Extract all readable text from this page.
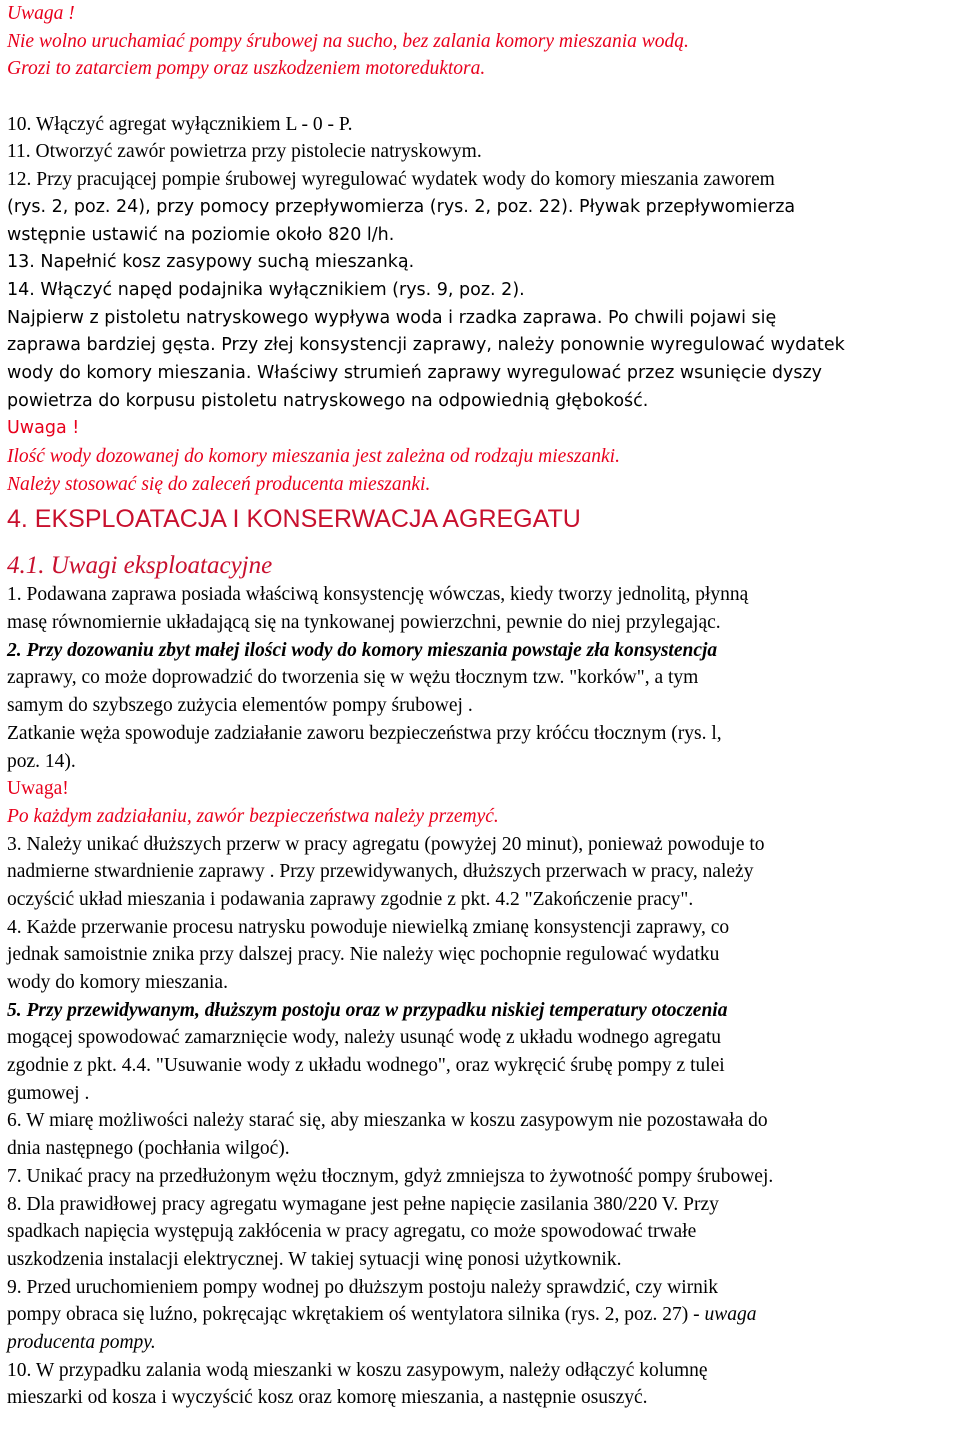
Uwaga !
Nie wolno uruchamiać pompy śrubowej na sucho, bez zalania komory mieszania wodą.
Grozi to zatarciem pompy oraz uszkodzeniem motoreduktora.
10. Włączyć agregat wyłącznikiem L - 0 - P.
11. Otworzyć zawór powietrza przy pistolecie natryskowym.
12. Przy pracującej pompie śrubowej wyregulować wydatek wody do komory mieszania zaworem
(rys. 2, poz. 24), przy pomocy przepływomierza (rys. 2, poz. 22). Pływak przepływomierza
wstępnie ustawić na poziomie około 820 l/h.
13. Napełnić kosz zasypowy suchą mieszanką.
14. Włączyć napęd podajnika wyłącznikiem (rys. 9, poz. 2).
Najpierw z pistoletu natryskowego wypływa woda i rzadka zaprawa. Po chwili pojawi się
zaprawa bardziej gęsta. Przy złej konsystencji zaprawy, należy ponownie wyregulować wydatek
wody do komory mieszania. Właściwy strumień zaprawy wyregulować przez wsunięcie dyszy
powietrza do korpusu pistoletu natryskowego na odpowiednią głębokość.
Uwaga !
Ilość wody dozowanej do komory mieszania jest zależna od rodzaju mieszanki.
Należy stosować się do zaleceń producenta mieszanki.
4. EKSPLOATACJA I KONSERWACJA AGREGATU
4.1. Uwagi eksploatacyjne
1. Podawana zaprawa posiada właściwą konsystencję wówczas, kiedy tworzy jednolitą, płynną
masę równomiernie układającą się na tynkowanej powierzchni, pewnie do niej przylegając.
2. Przy dozowaniu zbyt małej ilości wody do komory mieszania powstaje zła konsystencja
zaprawy, co może doprowadzić do tworzenia się w wężu tłocznym tzw. "korków", a tym
samym do szybszego zużycia elementów pompy śrubowej .
Zatkanie węża spowoduje zadziałanie zaworu bezpieczeństwa przy króćcu tłocznym (rys. l,
poz. 14).
Uwaga!
Po każdym zadziałaniu, zawór bezpieczeństwa należy przemyć.
3. Należy unikać dłuższych przerw w pracy agregatu (powyżej 20 minut), ponieważ powoduje to
nadmierne stwardnienie zaprawy . Przy przewidywanych, dłuższych przerwach w pracy, należy
oczyścić układ mieszania i podawania zaprawy zgodnie z pkt. 4.2 "Zakończenie pracy".
4. Każde przerwanie procesu natrysku powoduje niewielką zmianę konsystencji zaprawy, co
jednak samoistnie znika przy dalszej pracy. Nie należy więc pochopnie regulować wydatku
wody do komory mieszania.
5. Przy przewidywanym, dłuższym postoju oraz w przypadku niskiej temperatury otoczenia
mogącej spowodować zamarznięcie wody, należy usunąć wodę z układu wodnego agregatu
zgodnie z pkt. 4.4. "Usuwanie wody z układu wodnego", oraz wykręcić śrubę pompy z tulei
gumowej .
6. W miarę możliwości należy starać się, aby mieszanka w koszu zasypowym nie pozostawała do
dnia następnego (pochłania wilgoć).
7. Unikać pracy na przedłużonym wężu tłocznym, gdyż zmniejsza to żywotność pompy śrubowej.
8. Dla prawidłowej pracy agregatu wymagane jest pełne napięcie zasilania 380/220 V. Przy
spadkach napięcia występują zakłócenia w pracy agregatu, co może spowodować trwałe
uszkodzenia instalacji elektrycznej. W takiej sytuacji winę ponosi użytkownik.
9. Przed uruchomieniem pompy wodnej po dłuższym postoju należy sprawdzić, czy wirnik
pompy obraca się luźno, pokręcając wkrętakiem oś wentylatora silnika (rys. 2, poz. 27) - uwaga
producenta pompy.
10. W przypadku zalania wodą mieszanki w koszu zasypowym, należy odłączyć kolumnę
mieszarki od kosza i wyczyścić kosz oraz komorę mieszania, a następnie osuszyć.
